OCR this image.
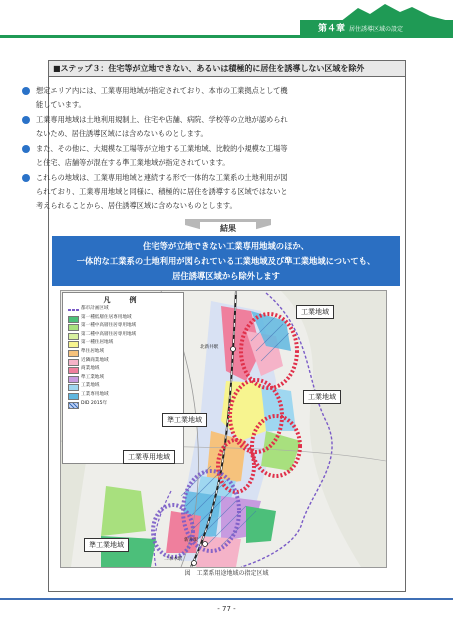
第４章 居住誘導区域の設定
■ステップ３：住宅等が立地できない、あるいは積極的に居住を誘導しない区域を除外
想定エリア内には、工業専用地域が指定されており、本市の工業拠点として機
能しています。
工業専用地域は土地利用規制上、住宅や店舗、病院、学校等の立地が認められ
ないため、居住誘導区域には含めないものとします。
また、その他に、大規模な工場等が立地する工業地域、比較的小規模な工場等
と住宅、店舗等が混在する準工業地域が指定されています。
これらの地域は、工業専用地域と連続する形で一体的な工業系の土地利用が図
られており、工業専用地域と同様に、積極的に居住を誘導する区域ではないと
考えられることから、居住誘導区域に含めないものとします。
結果
住宅等が立地できない工業専用地域のほか、
一体的な工業系の土地利用が図られている工業地域及び準工業地域についても、
居住誘導区域から除外します
凡　例
都市計画区域
第一種低層住居専用地域
第一種中高層住居専用地域
第二種中高層住居専用地域
第一種住居地域
準住居地域
近隣商業地域
商業地域
準工業地域
工業地域
工業専用地域
DID 2015年
工業地域
工業地域
準工業地域
工業専用地域
準工業地域
北新井駅
新井駅
二本木駅
図　工業系用途地域の指定区域
- 77 -
